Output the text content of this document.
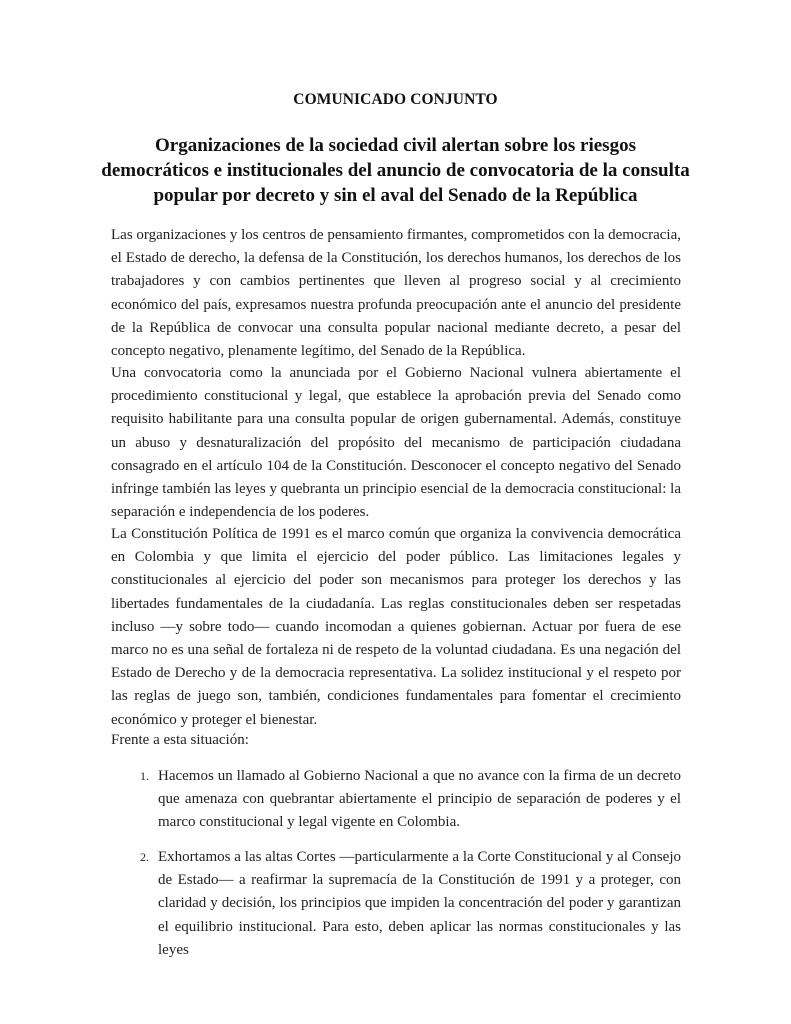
COMUNICADO CONJUNTO
Organizaciones de la sociedad civil alertan sobre los riesgos democráticos e institucionales del anuncio de convocatoria de la consulta popular por decreto y sin el aval del Senado de la República

Las organizaciones y los centros de pensamiento firmantes, comprometidos con la democracia, el Estado de derecho, la defensa de la Constitución, los derechos humanos, los derechos de los trabajadores y con cambios pertinentes que lleven al progreso social y al crecimiento económico del país, expresamos nuestra profunda preocupación ante el anuncio del presidente de la República de convocar una consulta popular nacional mediante decreto, a pesar del concepto negativo, plenamente legítimo, del Senado de la República.

Una convocatoria como la anunciada por el Gobierno Nacional vulnera abiertamente el procedimiento constitucional y legal, que establece la aprobación previa del Senado como requisito habilitante para una consulta popular de origen gubernamental. Además, constituye un abuso y desnaturalización del propósito del mecanismo de participación ciudadana consagrado en el artículo 104 de la Constitución. Desconocer el concepto negativo del Senado infringe también las leyes y quebranta un principio esencial de la democracia constitucional: la separación e independencia de los poderes.

La Constitución Política de 1991 es el marco común que organiza la convivencia democrática en Colombia y que limita el ejercicio del poder público. Las limitaciones legales y constitucionales al ejercicio del poder son mecanismos para proteger los derechos y las libertades fundamentales de la ciudadanía. Las reglas constitucionales deben ser respetadas incluso —y sobre todo— cuando incomodan a quienes gobiernan. Actuar por fuera de ese marco no es una señal de fortaleza ni de respeto de la voluntad ciudadana. Es una negación del Estado de Derecho y de la democracia representativa. La solidez institucional y el respeto por las reglas de juego son, también, condiciones fundamentales para fomentar el crecimiento económico y proteger el bienestar.

Frente a esta situación:

1. Hacemos un llamado al Gobierno Nacional a que no avance con la firma de un decreto que amenaza con quebrantar abiertamente el principio de separación de poderes y el marco constitucional y legal vigente en Colombia.

2. Exhortamos a las altas Cortes —particularmente a la Corte Constitucional y al Consejo de Estado— a reafirmar la supremacía de la Constitución de 1991 y a proteger, con claridad y decisión, los principios que impiden la concentración del poder y garantizan el equilibrio institucional. Para esto, deben aplicar las normas constitucionales y las leyes
